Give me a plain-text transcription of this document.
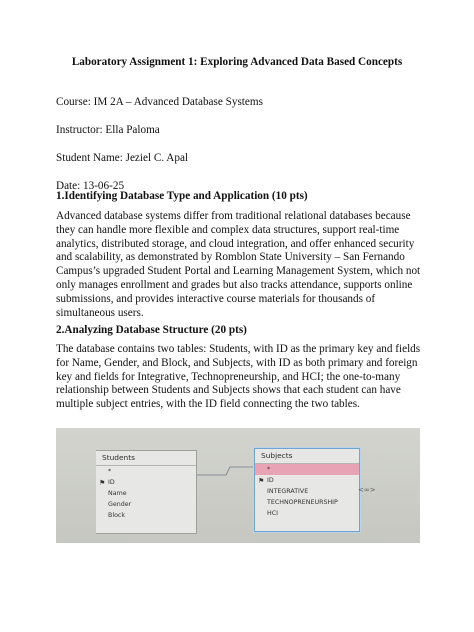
Laboratory Assignment 1: Exploring Advanced Data Based Concepts
Course: IM 2A – Advanced Database Systems
Instructor: Ella Paloma
Student Name: Jeziel C. Apal
Date: 13-06-25
1.Identifying Database Type and Application (10 pts)
Advanced database systems differ from traditional relational databases because they can handle more flexible and complex data structures, support real-time analytics, distributed storage, and cloud integration, and offer enhanced security and scalability, as demonstrated by Romblon State University – San Fernando Campus’s upgraded Student Portal and Learning Management System, which not only manages enrollment and grades but also tracks attendance, supports online submissions, and provides interactive course materials for thousands of simultaneous users.
2.Analyzing Database Structure (20 pts)
The database contains two tables: Students, with ID as the primary key and fields for Name, Gender, and Block, and Subjects, with ID as both primary and foreign key and fields for Integrative, Technopreneurship, and HCI; the one-to-many relationship between Students and Subjects shows that each student can have multiple subject entries, with the ID field connecting the two tables.
Students
*
⚑ ID
Name
Gender
Block
Subjects
*
⚑ ID
INTEGRATIVE
TECHNOPRENEURSHIP
HCI
<∞>
